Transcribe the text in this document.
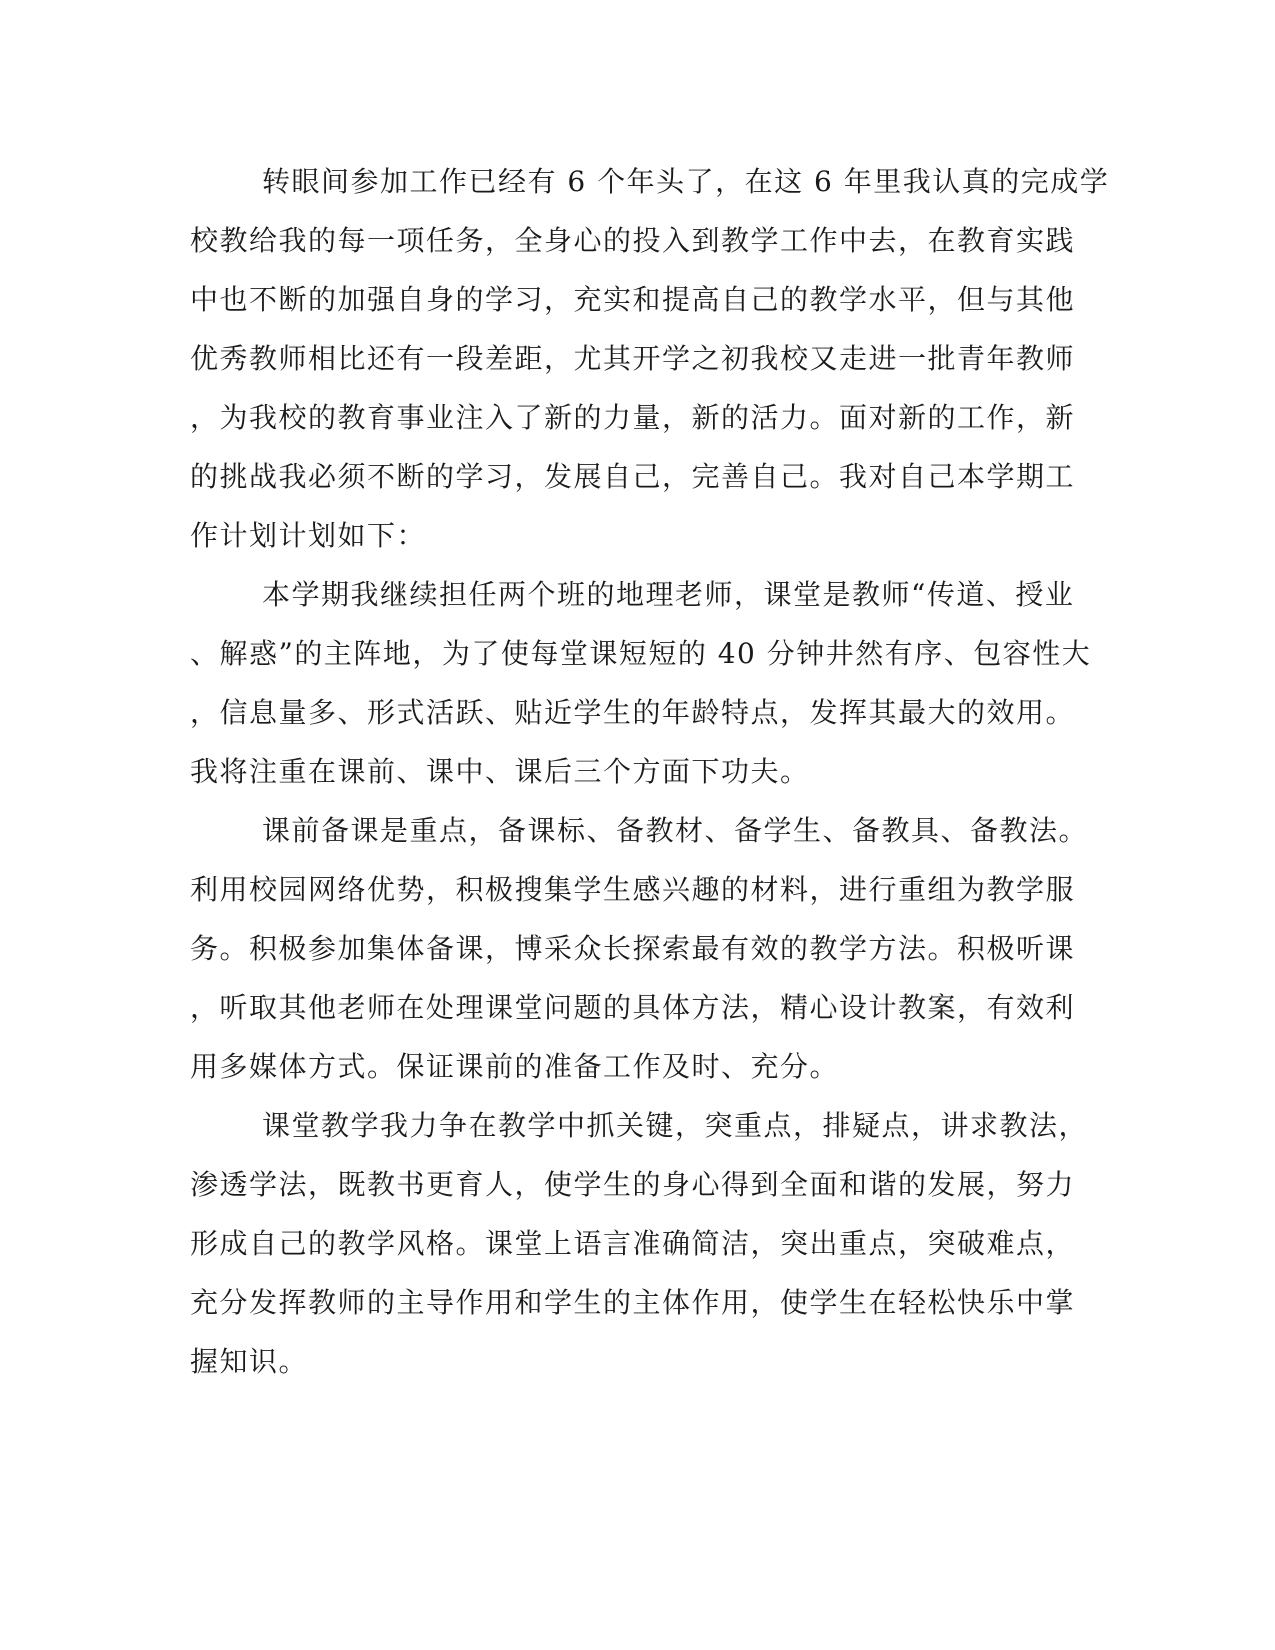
转眼间参加工作已经有 6 个年头了，在这 6 年里我认真的完成学
校教给我的每一项任务，全身心的投入到教学工作中去，在教育实践
中也不断的加强自身的学习，充实和提高自己的教学水平，但与其他
优秀教师相比还有一段差距，尤其开学之初我校又走进一批青年教师
，为我校的教育事业注入了新的力量，新的活力。面对新的工作，新
的挑战我必须不断的学习，发展自己，完善自己。我对自己本学期工
作计划计划如下：
本学期我继续担任两个班的地理老师，课堂是教师“传道、授业
、解惑”的主阵地，为了使每堂课短短的 40 分钟井然有序、包容性大
，信息量多、形式活跃、贴近学生的年龄特点，发挥其最大的效用。
我将注重在课前、课中、课后三个方面下功夫。
课前备课是重点，备课标、备教材、备学生、备教具、备教法。
利用校园网络优势，积极搜集学生感兴趣的材料，进行重组为教学服
务。积极参加集体备课，博采众长探索最有效的教学方法。积极听课
，听取其他老师在处理课堂问题的具体方法，精心设计教案，有效利
用多媒体方式。保证课前的准备工作及时、充分。
课堂教学我力争在教学中抓关键，突重点，排疑点，讲求教法，
渗透学法，既教书更育人，使学生的身心得到全面和谐的发展，努力
形成自己的教学风格。课堂上语言准确简洁，突出重点，突破难点，
充分发挥教师的主导作用和学生的主体作用，使学生在轻松快乐中掌
握知识。
